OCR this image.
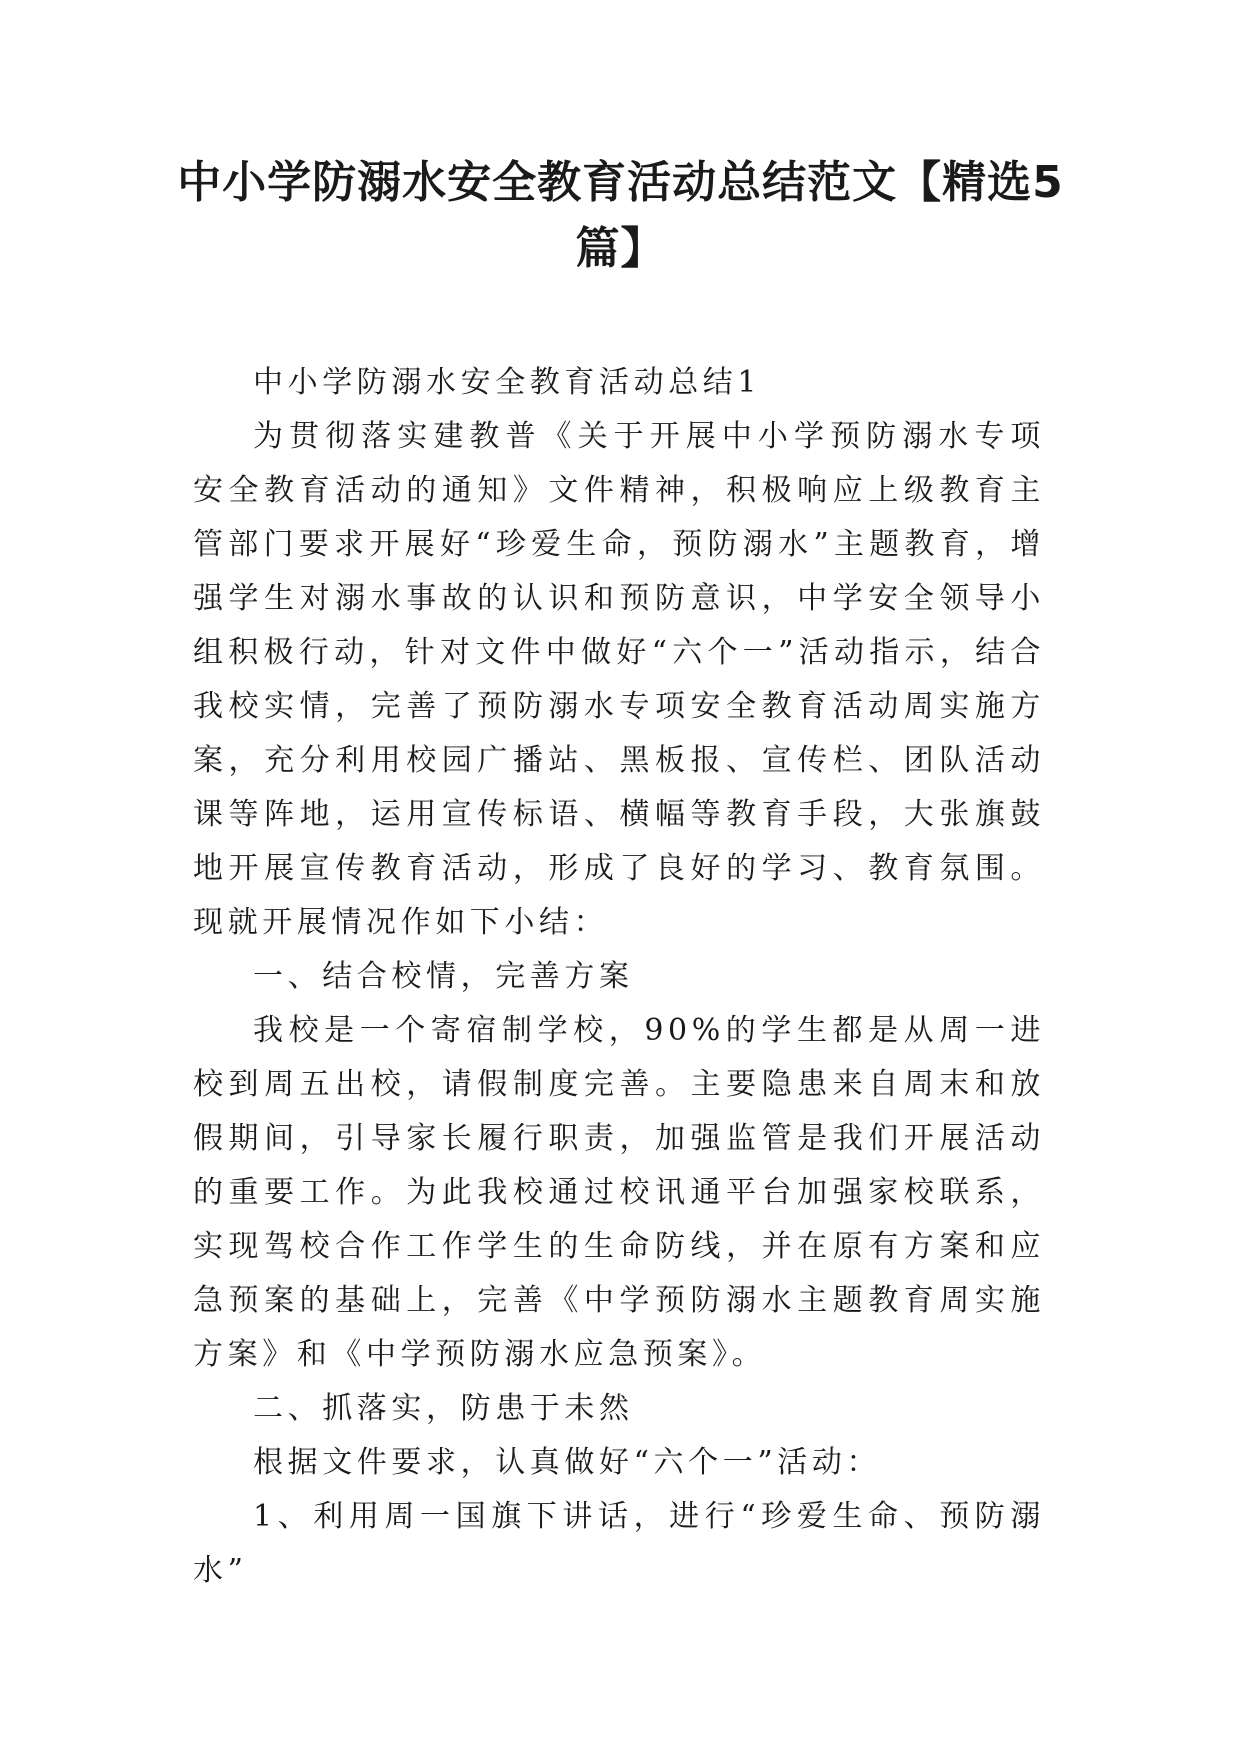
中小学防溺水安全教育活动总结范文【精选5篇】

中小学防溺水安全教育活动总结1

为贯彻落实建教普《关于开展中小学预防溺水专项安全教育活动的通知》文件精神，积极响应上级教育主管部门要求开展好“珍爱生命，预防溺水”主题教育，增强学生对溺水事故的认识和预防意识，中学安全领导小组积极行动，针对文件中做好“六个一”活动指示，结合我校实情，完善了预防溺水专项安全教育活动周实施方案，充分利用校园广播站、黑板报、宣传栏、团队活动课等阵地，运用宣传标语、横幅等教育手段，大张旗鼓地开展宣传教育活动，形成了良好的学习、教育氛围。现就开展情况作如下小结：

一、结合校情，完善方案

我校是一个寄宿制学校，90%的学生都是从周一进校到周五出校，请假制度完善。主要隐患来自周末和放假期间，引导家长履行职责，加强监管是我们开展活动的重要工作。为此我校通过校讯通平台加强家校联系，实现驾校合作工作学生的生命防线，并在原有方案和应急预案的基础上，完善《中学预防溺水主题教育周实施方案》和《中学预防溺水应急预案》。

二、抓落实，防患于未然

根据文件要求，认真做好“六个一”活动：

1、利用周一国旗下讲话，进行“珍爱生命、预防溺水”
